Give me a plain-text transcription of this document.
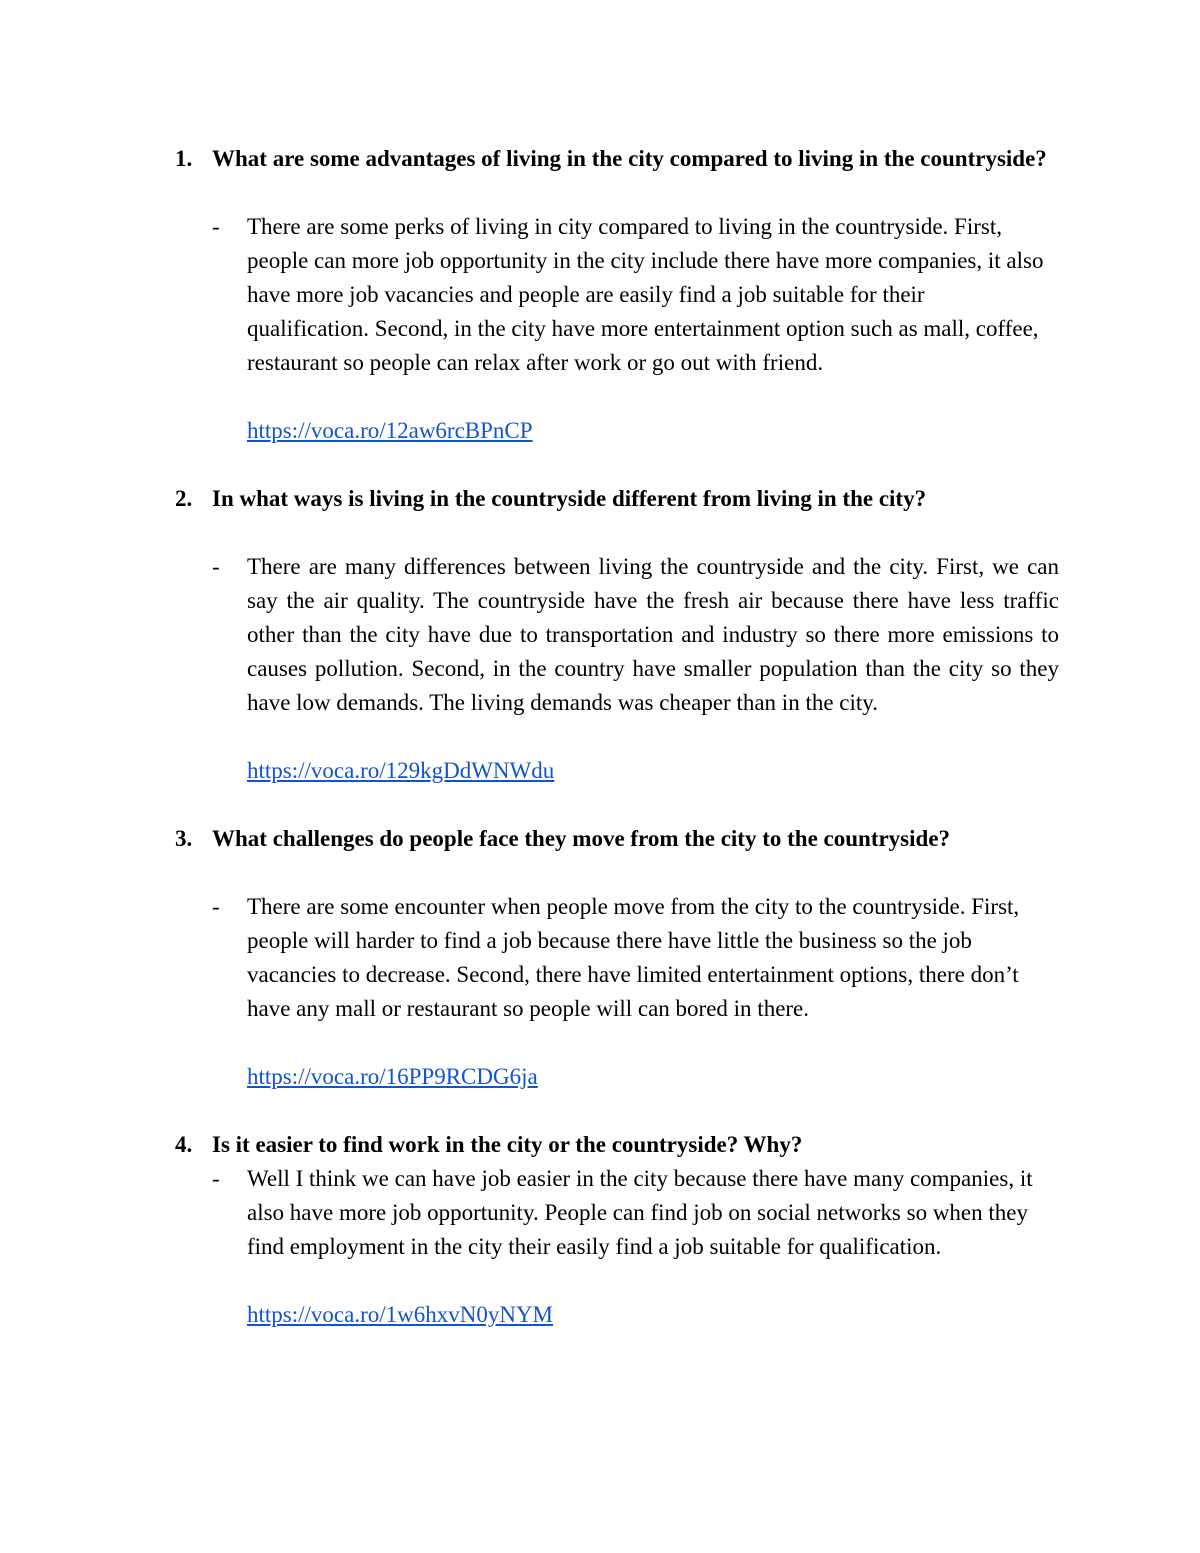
1. What are some advantages of living in the city compared to living in the countryside?
- There are some perks of living in city compared to living in the countryside. First, people can more job opportunity in the city include there have more companies, it also have more job vacancies and people are easily find a job suitable for their qualification. Second, in the city have more entertainment option such as mall, coffee, restaurant so people can relax after work or go out with friend.
https://voca.ro/12aw6rcBPnCP
2. In what ways is living in the countryside different from living in the city?
- There are many differences between living the countryside and the city. First, we can say the air quality. The countryside have the fresh air because there have less traffic other than the city have due to transportation and industry so there more emissions to causes pollution. Second, in the country have smaller population than the city so they have low demands. The living demands was cheaper than in the city.
https://voca.ro/129kgDdWNWdu
3. What challenges do people face they move from the city to the countryside?
- There are some encounter when people move from the city to the countryside. First, people will harder to find a job because there have little the business so the job vacancies to decrease. Second, there have limited entertainment options, there don’t have any mall or restaurant so people will can bored in there.
https://voca.ro/16PP9RCDG6ja
4. Is it easier to find work in the city or the countryside? Why?
- Well I think we can have job easier in the city because there have many companies, it also have more job opportunity. People can find job on social networks so when they find employment in the city their easily find a job suitable for qualification.
https://voca.ro/1w6hxvN0yNYM
